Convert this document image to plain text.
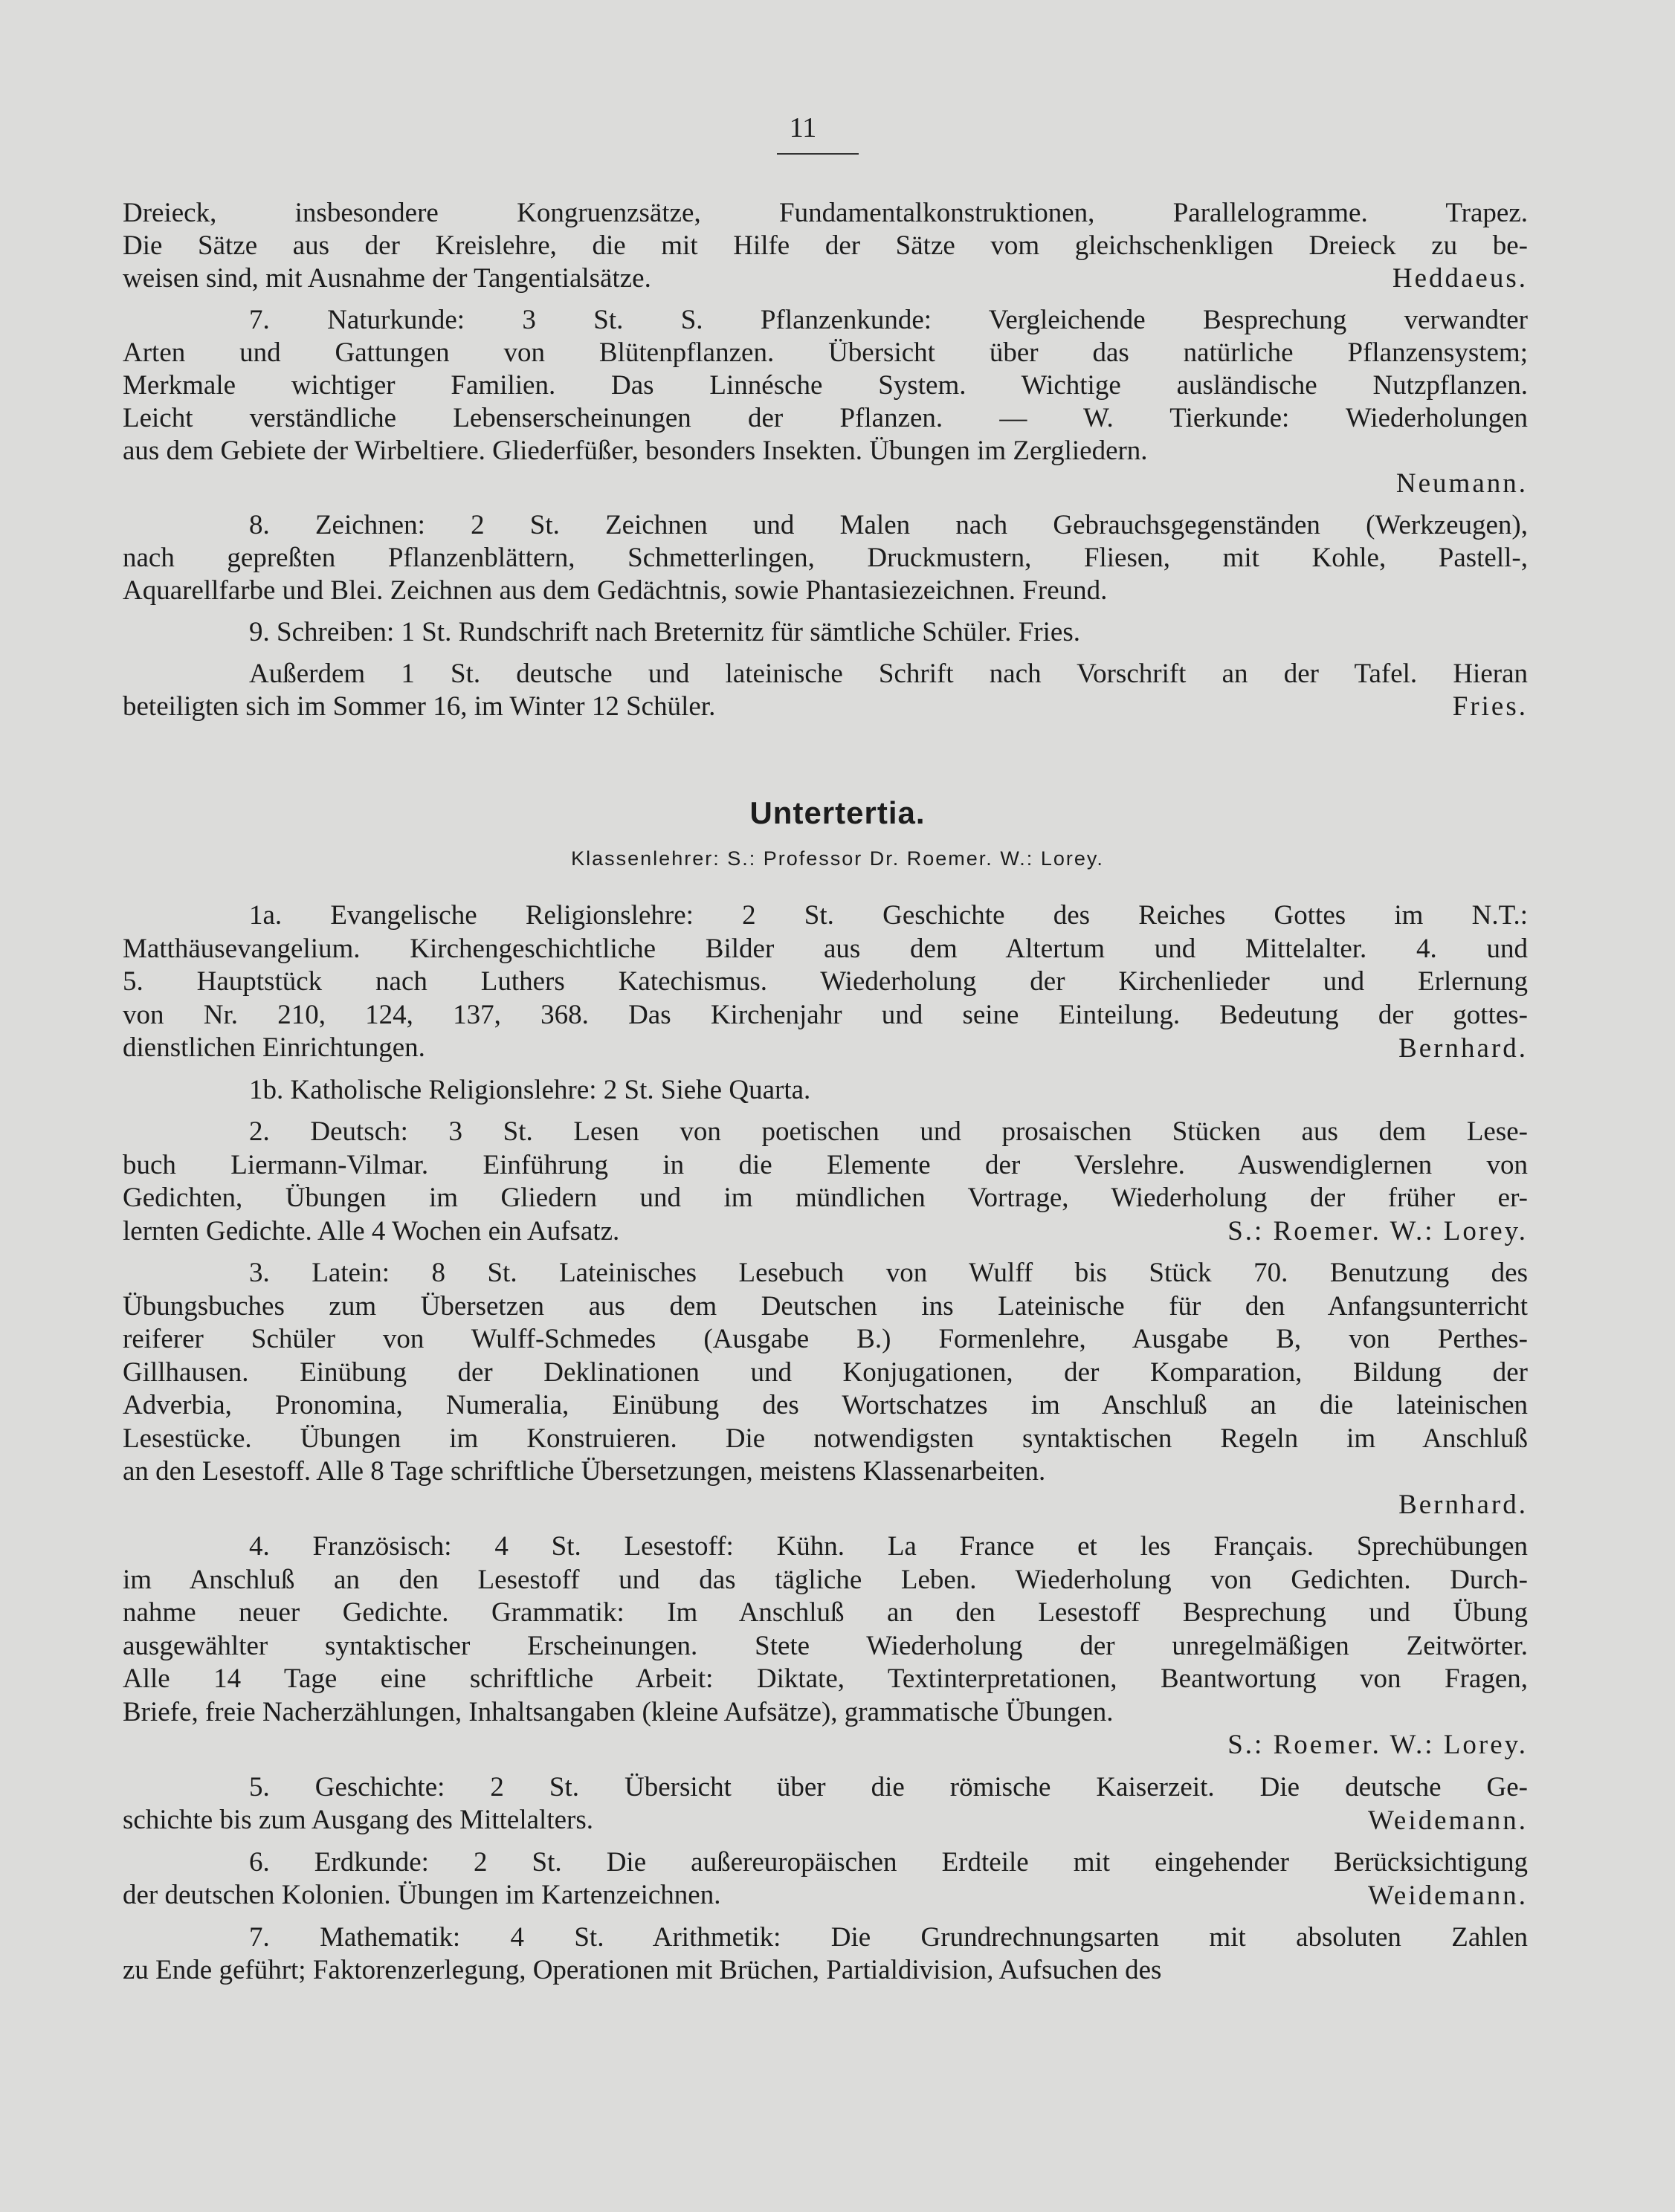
11
Dreieck, insbesondere Kongruenzsätze, Fundamentalkonstruktionen, Parallelogramme. Trapez.
Die Sätze aus der Kreislehre, die mit Hilfe der Sätze vom gleichschenkligen Dreieck zu be-
weisen sind, mit Ausnahme der Tangentialsätze.	Heddaeus.
7. Naturkunde: 3 St. S. Pflanzenkunde: Vergleichende Besprechung verwandter
Arten und Gattungen von Blütenpflanzen. Übersicht über das natürliche Pflanzensystem;
Merkmale wichtiger Familien. Das Linnésche System. Wichtige ausländische Nutzpflanzen.
Leicht verständliche Lebenserscheinungen der Pflanzen. — W. Tierkunde: Wiederholungen
aus dem Gebiete der Wirbeltiere. Gliederfüßer, besonders Insekten. Übungen im Zergliedern.
Neumann.
8. Zeichnen: 2 St. Zeichnen und Malen nach Gebrauchsgegenständen (Werkzeugen),
nach gepreßten Pflanzenblättern, Schmetterlingen, Druckmustern, Fliesen, mit Kohle, Pastell-,
Aquarellfarbe und Blei. Zeichnen aus dem Gedächtnis, sowie Phantasiezeichnen. Freund.
9. Schreiben: 1 St. Rundschrift nach Breternitz für sämtliche Schüler. Fries.
Außerdem 1 St. deutsche und lateinische Schrift nach Vorschrift an der Tafel. Hieran
beteiligten sich im Sommer 16, im Winter 12 Schüler.	Fries.
Untertertia.
Klassenlehrer: S.: Professor Dr. Roemer. W.: Lorey.
1a. Evangelische Religionslehre: 2 St. Geschichte des Reiches Gottes im N.T.:
Matthäusevangelium. Kirchengeschichtliche Bilder aus dem Altertum und Mittelalter. 4. und
5. Hauptstück nach Luthers Katechismus. Wiederholung der Kirchenlieder und Erlernung
von Nr. 210, 124, 137, 368. Das Kirchenjahr und seine Einteilung. Bedeutung der gottes-
dienstlichen Einrichtungen.	Bernhard.
1b. Katholische Religionslehre: 2 St. Siehe Quarta.
2. Deutsch: 3 St. Lesen von poetischen und prosaischen Stücken aus dem Lese-
buch Liermann-Vilmar. Einführung in die Elemente der Verslehre. Auswendiglernen von
Gedichten, Übungen im Gliedern und im mündlichen Vortrage, Wiederholung der früher er-
lernten Gedichte. Alle 4 Wochen ein Aufsatz.	S.: Roemer. W.: Lorey.
3. Latein: 8 St. Lateinisches Lesebuch von Wulff bis Stück 70. Benutzung des
Übungsbuches zum Übersetzen aus dem Deutschen ins Lateinische für den Anfangsunterricht
reiferer Schüler von Wulff-Schmedes (Ausgabe B.) Formenlehre, Ausgabe B, von Perthes-
Gillhausen. Einübung der Deklinationen und Konjugationen, der Komparation, Bildung der
Adverbia, Pronomina, Numeralia, Einübung des Wortschatzes im Anschluß an die lateinischen
Lesestücke. Übungen im Konstruieren. Die notwendigsten syntaktischen Regeln im Anschluß
an den Lesestoff. Alle 8 Tage schriftliche Übersetzungen, meistens Klassenarbeiten.
Bernhard.
4. Französisch: 4 St. Lesestoff: Kühn. La France et les Français. Sprechübungen
im Anschluß an den Lesestoff und das tägliche Leben. Wiederholung von Gedichten. Durch-
nahme neuer Gedichte. Grammatik: Im Anschluß an den Lesestoff Besprechung und Übung
ausgewählter syntaktischer Erscheinungen. Stete Wiederholung der unregelmäßigen Zeitwörter.
Alle 14 Tage eine schriftliche Arbeit: Diktate, Textinterpretationen, Beantwortung von Fragen,
Briefe, freie Nacherzählungen, Inhaltsangaben (kleine Aufsätze), grammatische Übungen.
S.: Roemer. W.: Lorey.
5. Geschichte: 2 St. Übersicht über die römische Kaiserzeit. Die deutsche Ge-
schichte bis zum Ausgang des Mittelalters.	Weidemann.
6. Erdkunde: 2 St. Die außereuropäischen Erdteile mit eingehender Berücksichtigung
der deutschen Kolonien. Übungen im Kartenzeichnen.	Weidemann.
7. Mathematik: 4 St. Arithmetik: Die Grundrechnungsarten mit absoluten Zahlen
zu Ende geführt; Faktorenzerlegung, Operationen mit Brüchen, Partialdivision, Aufsuchen des
